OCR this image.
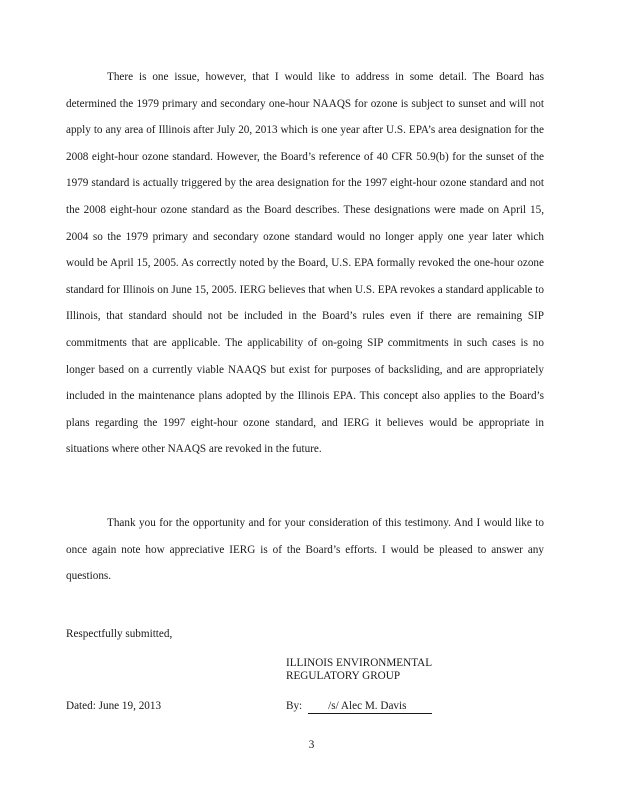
There is one issue, however, that I would like to address in some detail. The Board has determined the 1979 primary and secondary one-hour NAAQS for ozone is subject to sunset and will not apply to any area of Illinois after July 20, 2013 which is one year after U.S. EPA’s area designation for the 2008 eight-hour ozone standard. However, the Board’s reference of 40 CFR 50.9(b) for the sunset of the 1979 standard is actually triggered by the area designation for the 1997 eight-hour ozone standard and not the 2008 eight-hour ozone standard as the Board describes. These designations were made on April 15, 2004 so the 1979 primary and secondary ozone standard would no longer apply one year later which would be April 15, 2005. As correctly noted by the Board, U.S. EPA formally revoked the one-hour ozone standard for Illinois on June 15, 2005. IERG believes that when U.S. EPA revokes a standard applicable to Illinois, that standard should not be included in the Board’s rules even if there are remaining SIP commitments that are applicable. The applicability of on-going SIP commitments in such cases is no longer based on a currently viable NAAQS but exist for purposes of backsliding, and are appropriately included in the maintenance plans adopted by the Illinois EPA. This concept also applies to the Board’s plans regarding the 1997 eight-hour ozone standard, and IERG it believes would be appropriate in situations where other NAAQS are revoked in the future.

Thank you for the opportunity and for your consideration of this testimony. And I would like to once again note how appreciative IERG is of the Board’s efforts. I would be pleased to answer any questions.

Respectfully submitted,
ILLINOIS ENVIRONMENTAL
REGULATORY GROUP
Dated: June 19, 2013	By: /s/ Alec M. Davis
3
